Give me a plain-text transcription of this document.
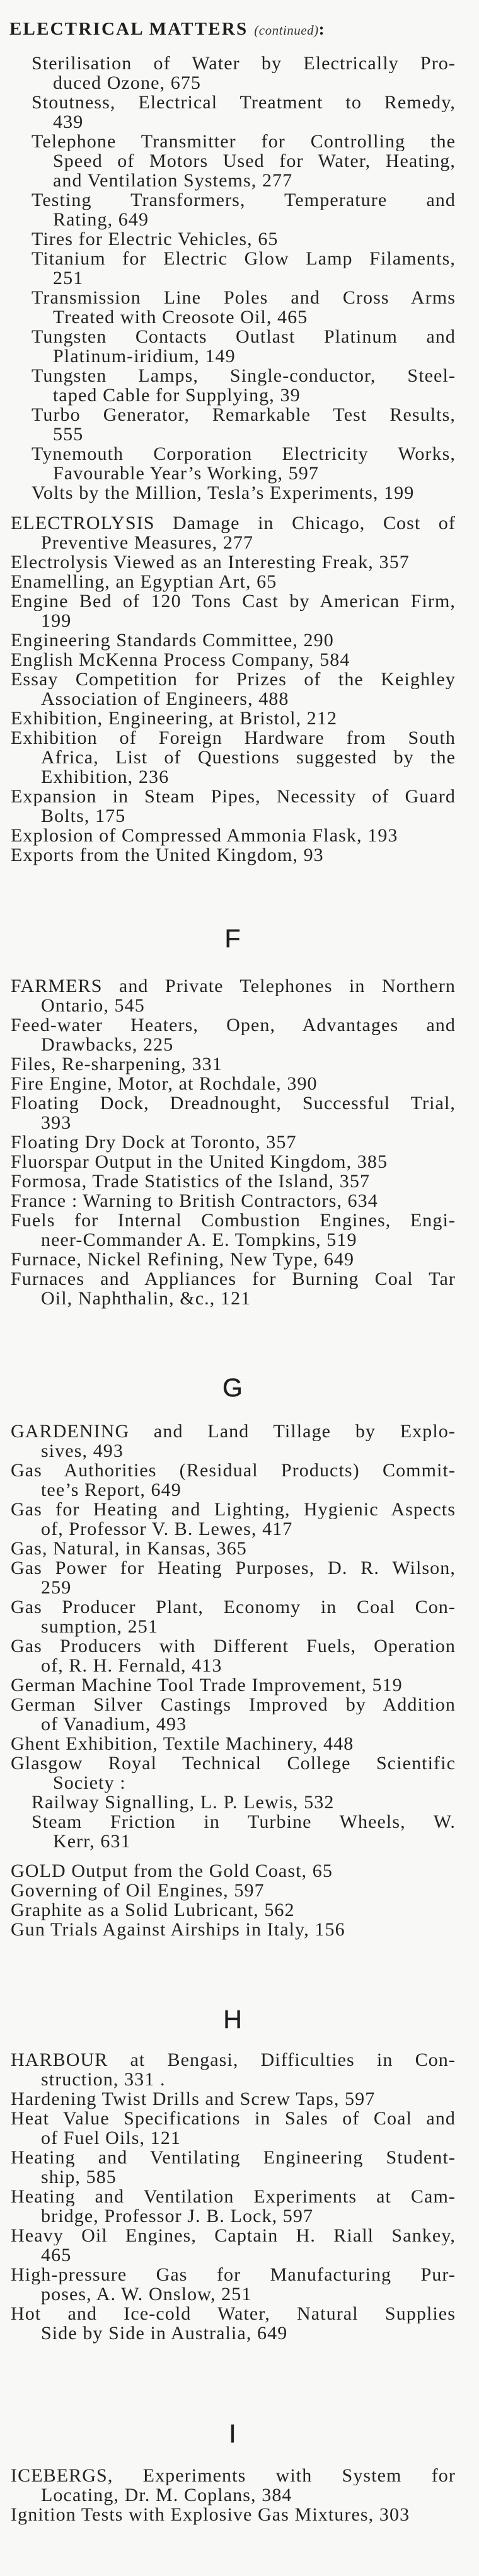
ELECTRICAL MATTERS (continued):
Sterilisation of Water by Electrically Pro-
duced Ozone, 675
Stoutness, Electrical Treatment to Remedy,
439
Telephone Transmitter for Controlling the
Speed of Motors Used for Water, Heating,
and Ventilation Systems, 277
Testing Transformers, Temperature and
Rating, 649
Tires for Electric Vehicles, 65
Titanium for Electric Glow Lamp Filaments,
251
Transmission Line Poles and Cross Arms
Treated with Creosote Oil, 465
Tungsten Contacts Outlast Platinum and
Platinum-iridium, 149
Tungsten Lamps, Single-conductor, Steel-
taped Cable for Supplying, 39
Turbo Generator, Remarkable Test Results,
555
Tynemouth Corporation Electricity Works,
Favourable Year’s Working, 597
Volts by the Million, Tesla’s Experiments, 199
ELECTROLYSIS Damage in Chicago, Cost of
Preventive Measures, 277
Electrolysis Viewed as an Interesting Freak, 357
Enamelling, an Egyptian Art, 65
Engine Bed of 120 Tons Cast by American Firm,
199
Engineering Standards Committee, 290
English McKenna Process Company, 584
Essay Competition for Prizes of the Keighley
Association of Engineers, 488
Exhibition, Engineering, at Bristol, 212
Exhibition of Foreign Hardware from South
Africa, List of Questions suggested by the
Exhibition, 236
Expansion in Steam Pipes, Necessity of Guard
Bolts, 175
Explosion of Compressed Ammonia Flask, 193
Exports from the United Kingdom, 93
F
FARMERS and Private Telephones in Northern
Ontario, 545
Feed-water Heaters, Open, Advantages and
Drawbacks, 225
Files, Re-sharpening, 331
Fire Engine, Motor, at Rochdale, 390
Floating Dock, Dreadnought, Successful Trial,
393
Floating Dry Dock at Toronto, 357
Fluorspar Output in the United Kingdom, 385
Formosa, Trade Statistics of the Island, 357
France : Warning to British Contractors, 634
Fuels for Internal Combustion Engines, Engi-
neer-Commander A. E. Tompkins, 519
Furnace, Nickel Refining, New Type, 649
Furnaces and Appliances for Burning Coal Tar
Oil, Naphthalin, &c., 121
G
GARDENING and Land Tillage by Explo-
sives, 493
Gas Authorities (Residual Products) Commit-
tee’s Report, 649
Gas for Heating and Lighting, Hygienic Aspects
of, Professor V. B. Lewes, 417
Gas, Natural, in Kansas, 365
Gas Power for Heating Purposes, D. R. Wilson,
259
Gas Producer Plant, Economy in Coal Con-
sumption, 251
Gas Producers with Different Fuels, Operation
of, R. H. Fernald, 413
German Machine Tool Trade Improvement, 519
German Silver Castings Improved by Addition
of Vanadium, 493
Ghent Exhibition, Textile Machinery, 448
Glasgow Royal Technical College Scientific
Society :
Railway Signalling, L. P. Lewis, 532
Steam Friction in Turbine Wheels, W.
Kerr, 631
GOLD Output from the Gold Coast, 65
Governing of Oil Engines, 597
Graphite as a Solid Lubricant, 562
Gun Trials Against Airships in Italy, 156
H
HARBOUR at Bengasi, Difficulties in Con-
struction, 331 .
Hardening Twist Drills and Screw Taps, 597
Heat Value Specifications in Sales of Coal and
of Fuel Oils, 121
Heating and Ventilating Engineering Student-
ship, 585
Heating and Ventilation Experiments at Cam-
bridge, Professor J. B. Lock, 597
Heavy Oil Engines, Captain H. Riall Sankey,
465
High-pressure Gas for Manufacturing Pur-
poses, A. W. Onslow, 251
Hot and Ice-cold Water, Natural Supplies
Side by Side in Australia, 649
I
ICEBERGS, Experiments with System for
Locating, Dr. M. Coplans, 384
Ignition Tests with Explosive Gas Mixtures, 303
